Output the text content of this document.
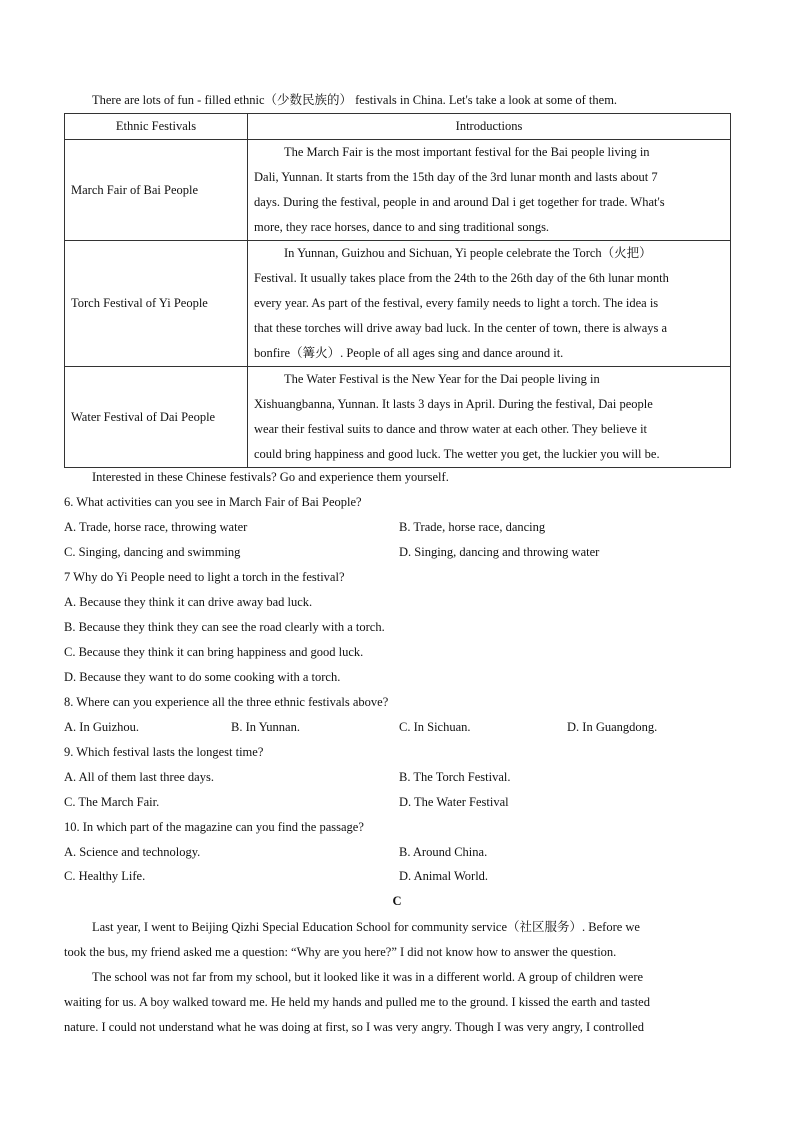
There are lots of fun - filled ethnic（少数民族的） festivals in China. Let's take a look at some of them.
Ethnic Festivals	Introductions
March Fair of Bai People	The March Fair is the most important festival for the Bai people living in

Dali, Yunnan. It starts from the 15th day of the 3rd lunar month and lasts about 7

days. During the festival, people in and around Dal i get together for trade. What's

more, they race horses, dance to and sing traditional songs.

Torch Festival of Yi People	In Yunnan, Guizhou and Sichuan, Yi people celebrate the Torch（火把）

Festival. It usually takes place from the 24th to the 26th day of the 6th lunar month

every year. As part of the festival, every family needs to light a torch. The idea is

that these torches will drive away bad luck. In the center of town, there is always a

bonfire（篝火）. People of all ages sing and dance around it.

Water Festival of Dai People	The Water Festival is the New Year for the Dai people living in

Xishuangbanna, Yunnan. It lasts 3 days in April. During the festival, Dai people

wear their festival suits to dance and throw water at each other. They believe it

could bring happiness and good luck. The wetter you get, the luckier you will be.

Interested in these Chinese festivals? Go and experience them yourself.
6. What activities can you see in March Fair of Bai People?
A. Trade, horse race, throwing water	B. Trade, horse race, dancing
C. Singing, dancing and swimming	D. Singing, dancing and throwing water
7 Why do Yi People need to light a torch in the festival?
A. Because they think it can drive away bad luck.
B. Because they think they can see the road clearly with a torch.
C. Because they think it can bring happiness and good luck.
D. Because they want to do some cooking with a torch.
8. Where can you experience all the three ethnic festivals above?
A. In Guizhou.	B. In Yunnan.	C. In Sichuan.	D. In Guangdong.
9. Which festival lasts the longest time?
A. All of them last three days.	B. The Torch Festival.
C. The March Fair.	D. The Water Festival
10. In which part of the magazine can you find the passage?
A. Science and technology.	B. Around China.
C. Healthy Life.	D. Animal World.
C
Last year, I went to Beijing Qizhi Special Education School for community service（社区服务）. Before we
took the bus, my friend asked me a question: “Why are you here?” I did not know how to answer the question.
The school was not far from my school, but it looked like it was in a different world. A group of children were
waiting for us. A boy walked toward me. He held my hands and pulled me to the ground. I kissed the earth and tasted
nature. I could not understand what he was doing at first, so I was very angry. Though I was very angry, I controlled
